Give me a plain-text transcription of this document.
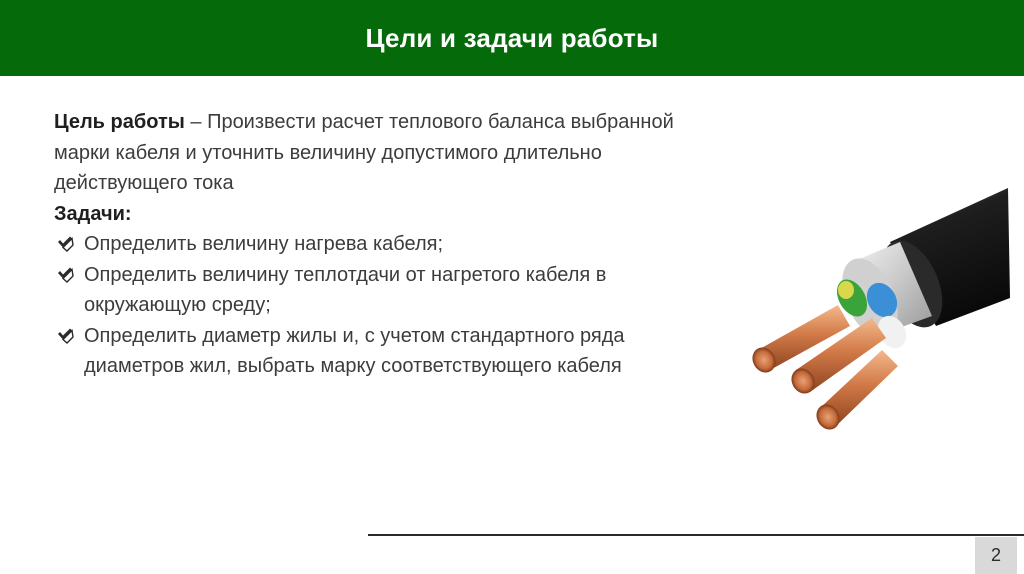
Цели и задачи работы

Цель работы – Произвести расчет теплового баланса выбранной марки кабеля и уточнить величину допустимого длительно действующего тока

Задачи:

Определить величину нагрева кабеля;

Определить величину теплотдачи от нагретого кабеля в окружающую среду;

Определить диаметр жилы и, с учетом стандартного ряда диаметров жил, выбрать марку соответствующего кабеля

2
